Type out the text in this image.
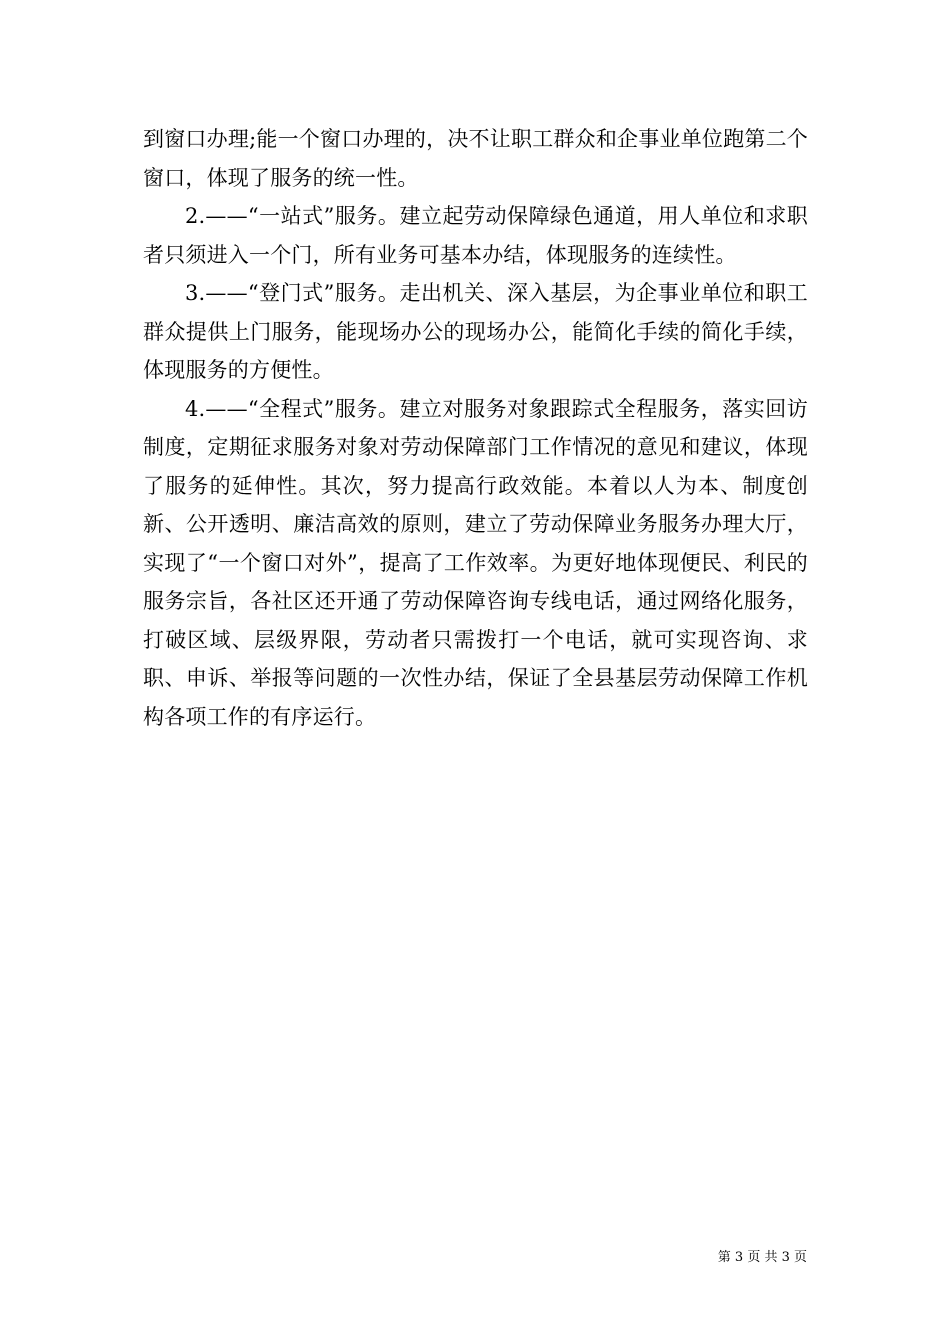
到窗口办理;能一个窗口办理的，决不让职工群众和企事业单位跑第二个窗口，体现了服务的统一性。

2.——“一站式”服务。建立起劳动保障绿色通道，用人单位和求职者只须进入一个门，所有业务可基本办结，体现服务的连续性。

3.——“登门式”服务。走出机关、深入基层，为企事业单位和职工群众提供上门服务，能现场办公的现场办公，能简化手续的简化手续，体现服务的方便性。

4.——“全程式”服务。建立对服务对象跟踪式全程服务，落实回访制度，定期征求服务对象对劳动保障部门工作情况的意见和建议，体现了服务的延伸性。其次，努力提高行政效能。本着以人为本、制度创新、公开透明、廉洁高效的原则，建立了劳动保障业务服务办理大厅，实现了“一个窗口对外”，提高了工作效率。为更好地体现便民、利民的服务宗旨，各社区还开通了劳动保障咨询专线电话，通过网络化服务，打破区域、层级界限，劳动者只需拨打一个电话，就可实现咨询、求职、申诉、举报等问题的一次性办结，保证了全县基层劳动保障工作机构各项工作的有序运行。

第 3 页 共 3 页
